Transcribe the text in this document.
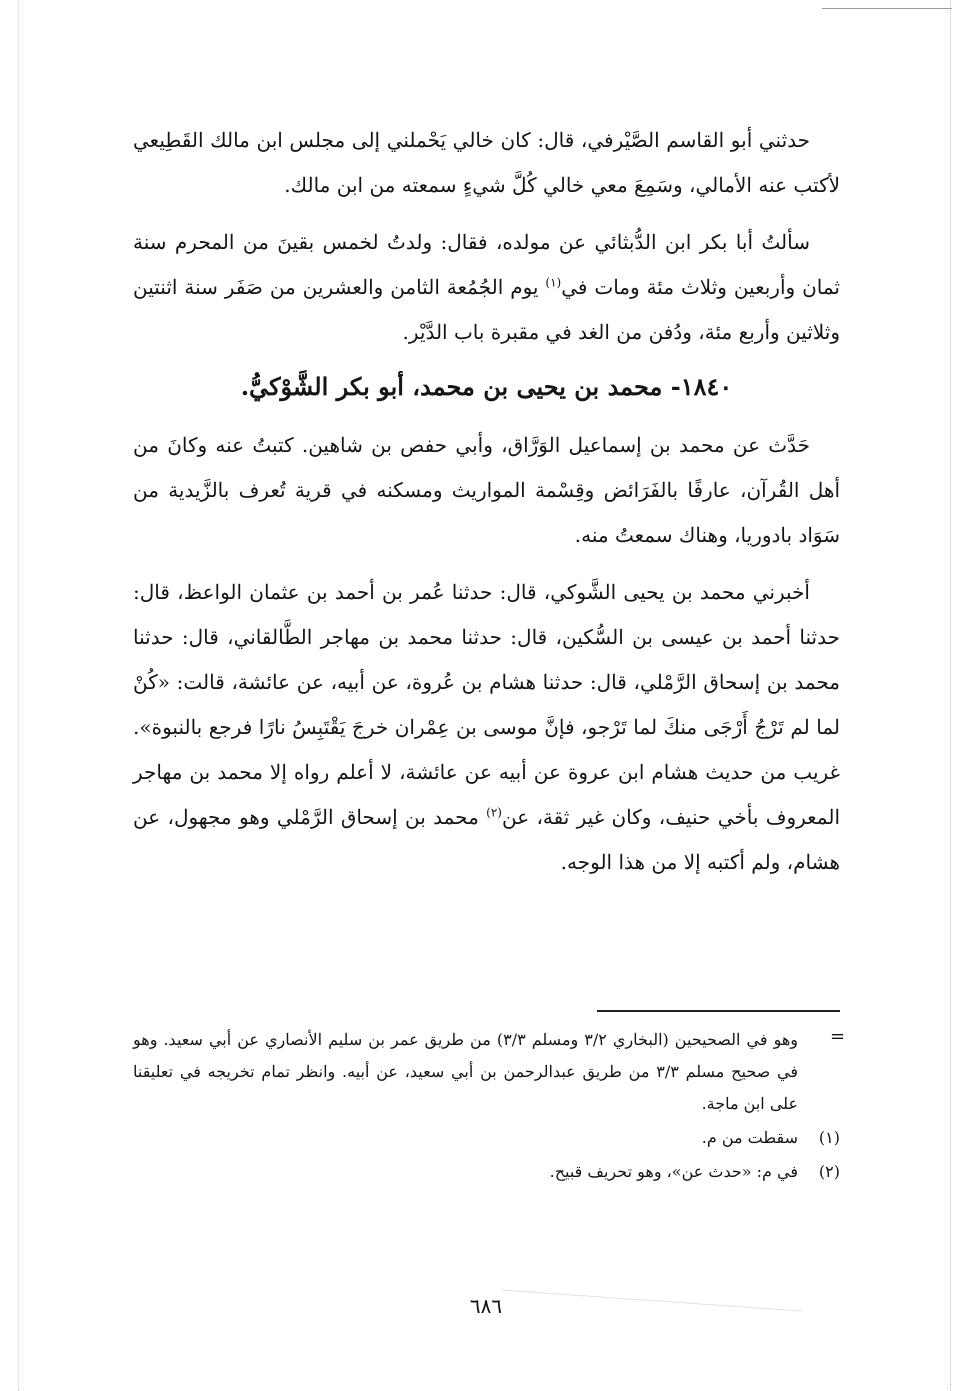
حدثني أبو القاسم الصَّيْرفي، قال: كان خالي يَحْملني إلى مجلس ابن مالك القَطِيعي لأكتب عنه الأمالي، وسَمِعَ معي خالي كُلَّ شيءٍ سمعته من ابن مالك.

سألتُ أبا بكر ابن الدُّبثائي عن مولده، فقال: ولدتُ لخمس بقينَ من المحرم سنة ثمان وأربعين وثلاث مئة ومات في$^{(١)}$ يوم الجُمُعة الثامن والعشرين من صَفَر سنة اثنتين وثلاثين وأربع مئة، ودُفن من الغد في مقبرة باب الدَّيْر.

١٨٤٠- محمد بن يحيى بن محمد، أبو بكر الشَّوْكيُّ.

حَدَّث عن محمد بن إسماعيل الوَرَّاق، وأبي حفص بن شاهين. كتبتُ عنه وكانَ من أهل القُرآن، عارفًا بالفَرَائض وقِسْمة المواريث ومسكنه في قرية تُعرف بالزَّيدية من سَوَاد بادوريا، وهناك سمعتُ منه.

أخبرني محمد بن يحيى الشَّوكي، قال: حدثنا عُمر بن أحمد بن عثمان الواعظ، قال: حدثنا أحمد بن عيسى بن السُّكين، قال: حدثنا محمد بن مهاجر الطَّالقاني، قال: حدثنا محمد بن إسحاق الرَّمْلي، قال: حدثنا هشام بن عُروة، عن أبيه، عن عائشة، قالت: «كُنْ لما لم تَرْجُ أَرْجَى منكَ لما تَرْجو، فإنَّ موسى بن عِمْران خرجَ يَقْتَبِسُ نارًا فرجع بالنبوة». غريب من حديث هشام ابن عروة عن أبيه عن عائشة، لا أعلم رواه إلا محمد بن مهاجر المعروف بأخي حنيف، وكان غير ثقة، عن$^{(٢)}$ محمد بن إسحاق الرَّمْلي وهو مجهول، عن هشام، ولم أكتبه إلا من هذا الوجه.

=

وهو في الصحيحين (البخاري ٣/٢ ومسلم ٣/٣) من طريق عمر بن سليم الأنصاري عن أبي سعيد. وهو في صحيح مسلم ٣/٣ من طريق عبدالرحمن بن أبي سعيد، عن أبيه. وانظر تمام تخريجه في تعليقنا على ابن ماجة.

(١)سقطت من م.

(٢)في م: «حدث عن»، وهو تحريف قبيح.

٦٨٦
